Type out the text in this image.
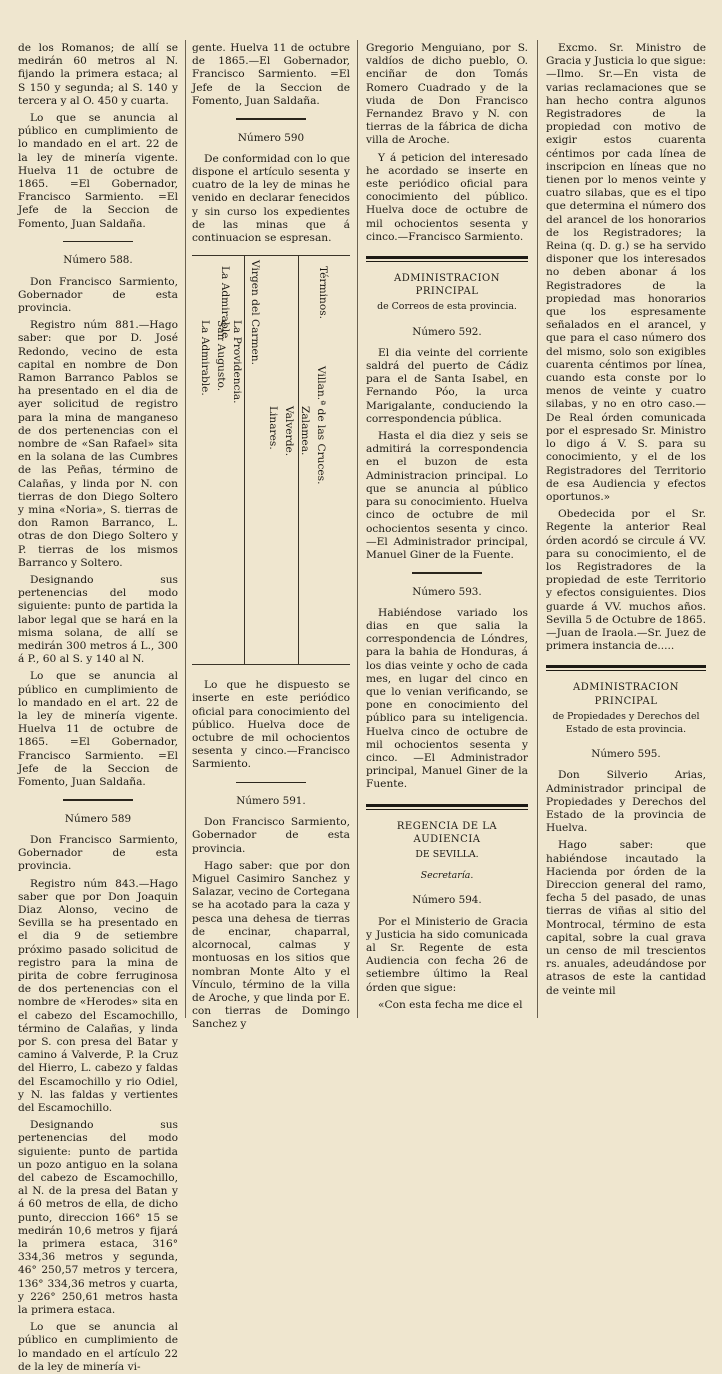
de los Romanos; de allí se medirán 60 metros al N. fijando la primera estaca; al S 150 y segunda; al S. 140 y tercera y al O. 450 y cuarta.

Lo que se anuncia al público en cumplimiento de lo mandado en el art. 22 de la ley de minería vigente. Huelva 11 de octubre de 1865. =El Gobernador, Francisco Sarmiento. =El Jefe de la Seccion de Fomento, Juan Saldaña.

Número 588.

Don Francisco Sarmiento, Gobernador de esta provincia.

Registro núm 881.—Hago saber: que por D. José Redondo, vecino de esta capital en nombre de Don Ramon Barranco Pablos se ha presentado en el dia de ayer solicitud de registro para la mina de manganeso de dos pertenencias con el nombre de «San Rafael» sita en la solana de las Cumbres de las Peñas, término de Calañas, y linda por N. con tierras de don Diego Soltero y mina «Noria», S. tierras de don Ramon Barranco, L. otras de don Diego Soltero y P. tierras de los mismos Barranco y Soltero.

Designando sus pertenencias del modo siguiente: punto de partida la labor legal que se hará en la misma solana, de allí se medirán 300 metros á L., 300 á P., 60 al S. y 140 al N.

Lo que se anuncia al público en cumplimiento de lo mandado en el art. 22 de la ley de minería vigente. Huelva 11 de octubre de 1865. =El Gobernador, Francisco Sarmiento. =El Jefe de la Seccion de Fomento, Juan Saldaña.

Número 589

Don Francisco Sarmiento, Gobernador de esta provincia.

Registro núm 843.—Hago saber que por Don Joaquin Diaz Alonso, vecino de Sevilla se ha presentado en el dia 9 de setiembre próximo pasado solicitud de registro para la mina de pirita de cobre ferruginosa de dos pertenencias con el nombre de «Herodes» sita en el cabezo del Escamochillo, término de Calañas, y linda por S. con presa del Batar y camino á Valverde, P. la Cruz del Hierro, L. cabezo y faldas del Escamochillo y rio Odiel, y N. las faldas y vertientes del Escamochillo.

Designando sus pertenencias del modo siguiente: punto de partida un pozo antiguo en la solana del cabezo de Escamochillo, al N. de la presa del Batan y á 60 metros de ella, de dicho punto, direccion 166° 15 se medirán 10,6 metros y fijará la primera estaca, 316° 334,36 metros y segunda, 46° 250,57 metros y tercera, 136° 334,36 metros y cuarta, y 226° 250,61 metros hasta la primera estaca.

Lo que se anuncia al público en cumplimiento de lo mandado en el artículo 22 de la ley de minería vi-

gente. Huelva 11 de octubre de 1865.—El Gobernador, Francisco Sarmiento. =El Jefe de la Seccion de Fomento, Juan Saldaña.

Número 590

De conformidad con lo que dispone el artículo sesenta y cuatro de la ley de minas he venido en declarar fenecidos y sin curso los expedientes de las minas que á continuacion se espresan.

La Admirable.
La Admirable. San Augusto. La Providencia. Virgen del Carmen.
Linares. Valverde. Zalamea. Villan.ª de las Cruces.
Términos.

Lo que he dispuesto se inserte en este periódico oficial para conocimiento del público. Huelva doce de octubre de mil ochocientos sesenta y cinco.—Francisco Sarmiento.

Número 591.

Don Francisco Sarmiento, Gobernador de esta provincia.

Hago saber: que por don Miguel Casimiro Sanchez y Salazar, vecino de Cortegana se ha acotado para la caza y pesca una dehesa de tierras de encinar, chaparral, alcornocal, calmas y montuosas en los sitios que nombran Monte Alto y el Vínculo, término de la villa de Aroche, y que linda por E. con tierras de Domingo Sanchez y

Gregorio Menguiano, por S. valdíos de dicho pueblo, O. enciñar de don Tomás Romero Cuadrado y de la viuda de Don Francisco Fernandez Bravo y N. con tierras de la fábrica de dicha villa de Aroche.

Y á peticion del interesado he acordado se inserte en este periódico oficial para conocimiento del público. Huelva doce de octubre de mil ochocientos sesenta y cinco.—Francisco Sarmiento.

ADMINISTRACION PRINCIPAL

de Correos de esta provincia.

Número 592.

El dia veinte del corriente saldrá del puerto de Cádiz para el de Santa Isabel, en Fernando Póo, la urca Marigalante, conduciendo la correspondencia pública.

Hasta el dia diez y seis se admitirá la correspondencia en el buzon de esta Administracion principal. Lo que se anuncia al público para su conocimiento. Huelva cinco de octubre de mil ochocientos sesenta y cinco.—El Administrador principal, Manuel Giner de la Fuente.

Número 593.

Habiéndose variado los dias en que salia la correspondencia de Lóndres, para la bahia de Honduras, á los dias veinte y ocho de cada mes, en lugar del cinco en que lo venian verificando, se pone en conocimiento del público para su inteligencia. Huelva cinco de octubre de mil ochocientos sesenta y cinco. —El Administrador principal, Manuel Giner de la Fuente.

REGENCIA DE LA AUDIENCIA

DE SEVILLA.

Secretaría.

Número 594.

Por el Ministerio de Gracia y Justicia ha sido comunicada al Sr. Regente de esta Audiencia con fecha 26 de setiembre último la Real órden que sigue:

«Con esta fecha me dice el

Excmo. Sr. Ministro de Gracia y Justicia lo que sigue:—Ilmo. Sr.—En vista de varias reclamaciones que se han hecho contra algunos Registradores de la propiedad con motivo de exigir estos cuarenta céntimos por cada línea de inscripcion en líneas que no tienen por lo menos veinte y cuatro silabas, que es el tipo que determina el número dos del arancel de los honorarios de los Registradores; la Reina (q. D. g.) se ha servido disponer que los interesados no deben abonar á los Registradores de la propiedad mas honorarios que los espresamente señalados en el arancel, y que para el caso número dos del mismo, solo son exigibles cuarenta céntimos por línea, cuando esta conste por lo menos de veinte y cuatro silabas, y no en otro caso.—De Real órden comunicada por el espresado Sr. Ministro lo digo á V. S. para su conocimiento, y el de los Registradores del Territorio de esa Audiencia y efectos oportunos.»

Obedecida por el Sr. Regente la anterior Real órden acordó se circule á VV. para su conocimiento, el de los Registradores de la propiedad de este Territorio y efectos consiguientes. Dios guarde á VV. muchos años. Sevilla 5 de Octubre de 1865.—Juan de Iraola.—Sr. Juez de primera instancia de.....

ADMINISTRACION PRINCIPAL

de Propiedades y Derechos del Estado de esta provincia.

Número 595.

Don Silverio Arias, Administrador principal de Propiedades y Derechos del Estado de la provincia de Huelva.

Hago saber: que habiéndose incautado la Hacienda por órden de la Direccion general del ramo, fecha 5 del pasado, de unas tierras de viñas al sitio del Montrocal, término de esta capital, sobre la cual grava un censo de mil trescientos rs. anuales, adeudándose por atrasos de este la cantidad de veinte mil
